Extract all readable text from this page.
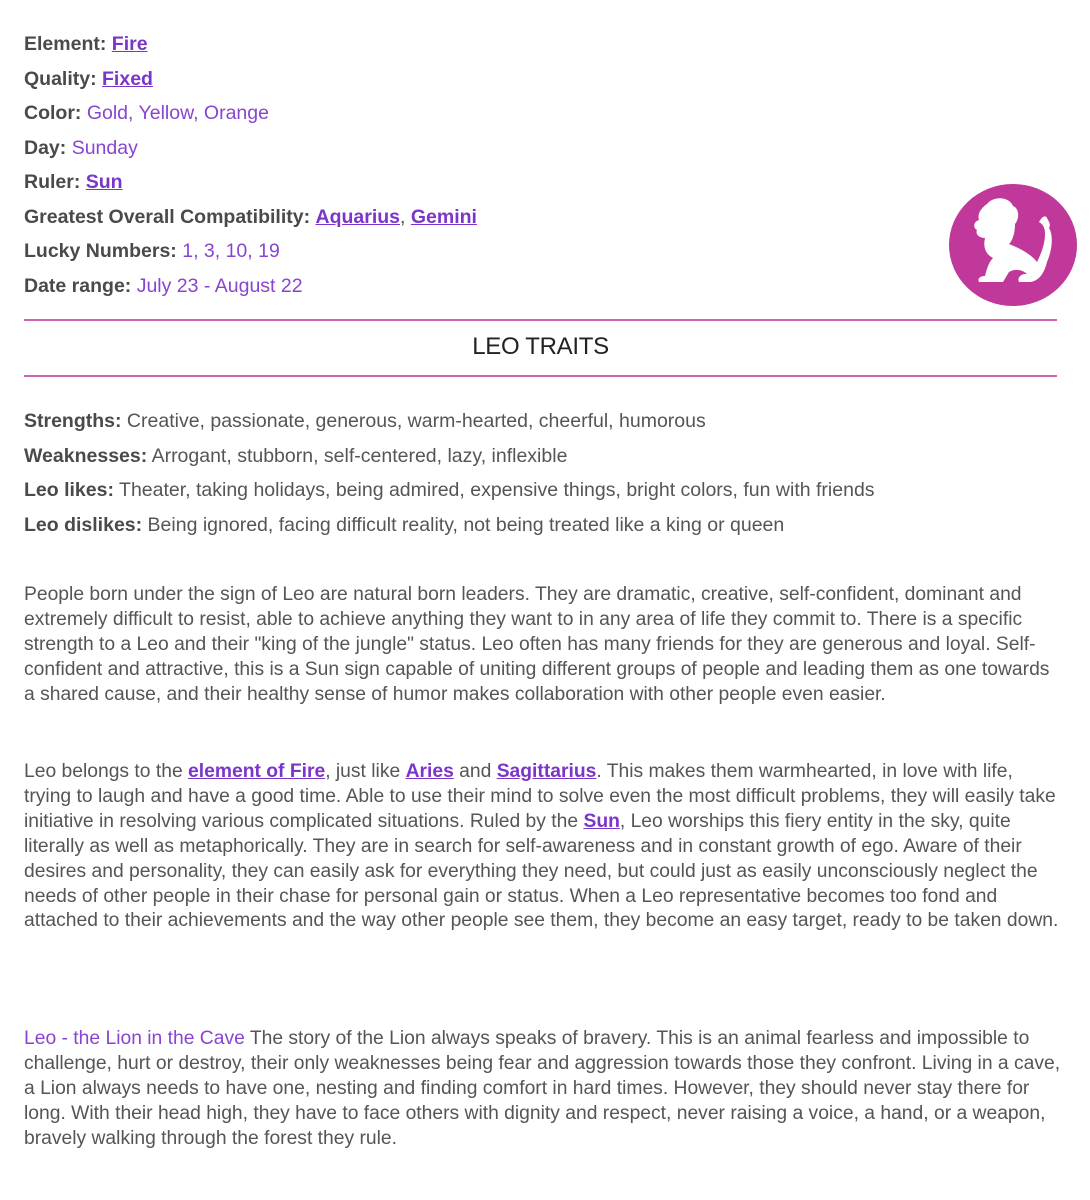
Element: Fire
Quality: Fixed
Color: Gold, Yellow, Orange
Day: Sunday
Ruler: Sun
Greatest Overall Compatibility: Aquarius, Gemini
Lucky Numbers: 1, 3, 10, 19
Date range: July 23 - August 22
LEO TRAITS
Strengths: Creative, passionate, generous, warm-hearted, cheerful, humorous
Weaknesses: Arrogant, stubborn, self-centered, lazy, inflexible
Leo likes: Theater, taking holidays, being admired, expensive things, bright colors, fun with friends
Leo dislikes: Being ignored, facing difficult reality, not being treated like a king or queen

People born under the sign of Leo are natural born leaders. They are dramatic, creative, self-confident, dominant and extremely difficult to resist, able to achieve anything they want to in any area of life they commit to. There is a specific strength to a Leo and their "king of the jungle" status. Leo often has many friends for they are generous and loyal. Self-confident and attractive, this is a Sun sign capable of uniting different groups of people and leading them as one towards a shared cause, and their healthy sense of humor makes collaboration with other people even easier.

Leo belongs to the element of Fire, just like Aries and Sagittarius. This makes them warmhearted, in love with life, trying to laugh and have a good time. Able to use their mind to solve even the most difficult problems, they will easily take initiative in resolving various complicated situations. Ruled by the Sun, Leo worships this fiery entity in the sky, quite literally as well as metaphorically. They are in search for self-awareness and in constant growth of ego. Aware of their desires and personality, they can easily ask for everything they need, but could just as easily unconsciously neglect the needs of other people in their chase for personal gain or status. When a Leo representative becomes too fond and attached to their achievements and the way other people see them, they become an easy target, ready to be taken down.

Leo - the Lion in the Cave The story of the Lion always speaks of bravery. This is an animal fearless and impossible to challenge, hurt or destroy, their only weaknesses being fear and aggression towards those they confront. Living in a cave, a Lion always needs to have one, nesting and finding comfort in hard times. However, they should never stay there for long. With their head high, they have to face others with dignity and respect, never raising a voice, a hand, or a weapon, bravely walking through the forest they rule.
